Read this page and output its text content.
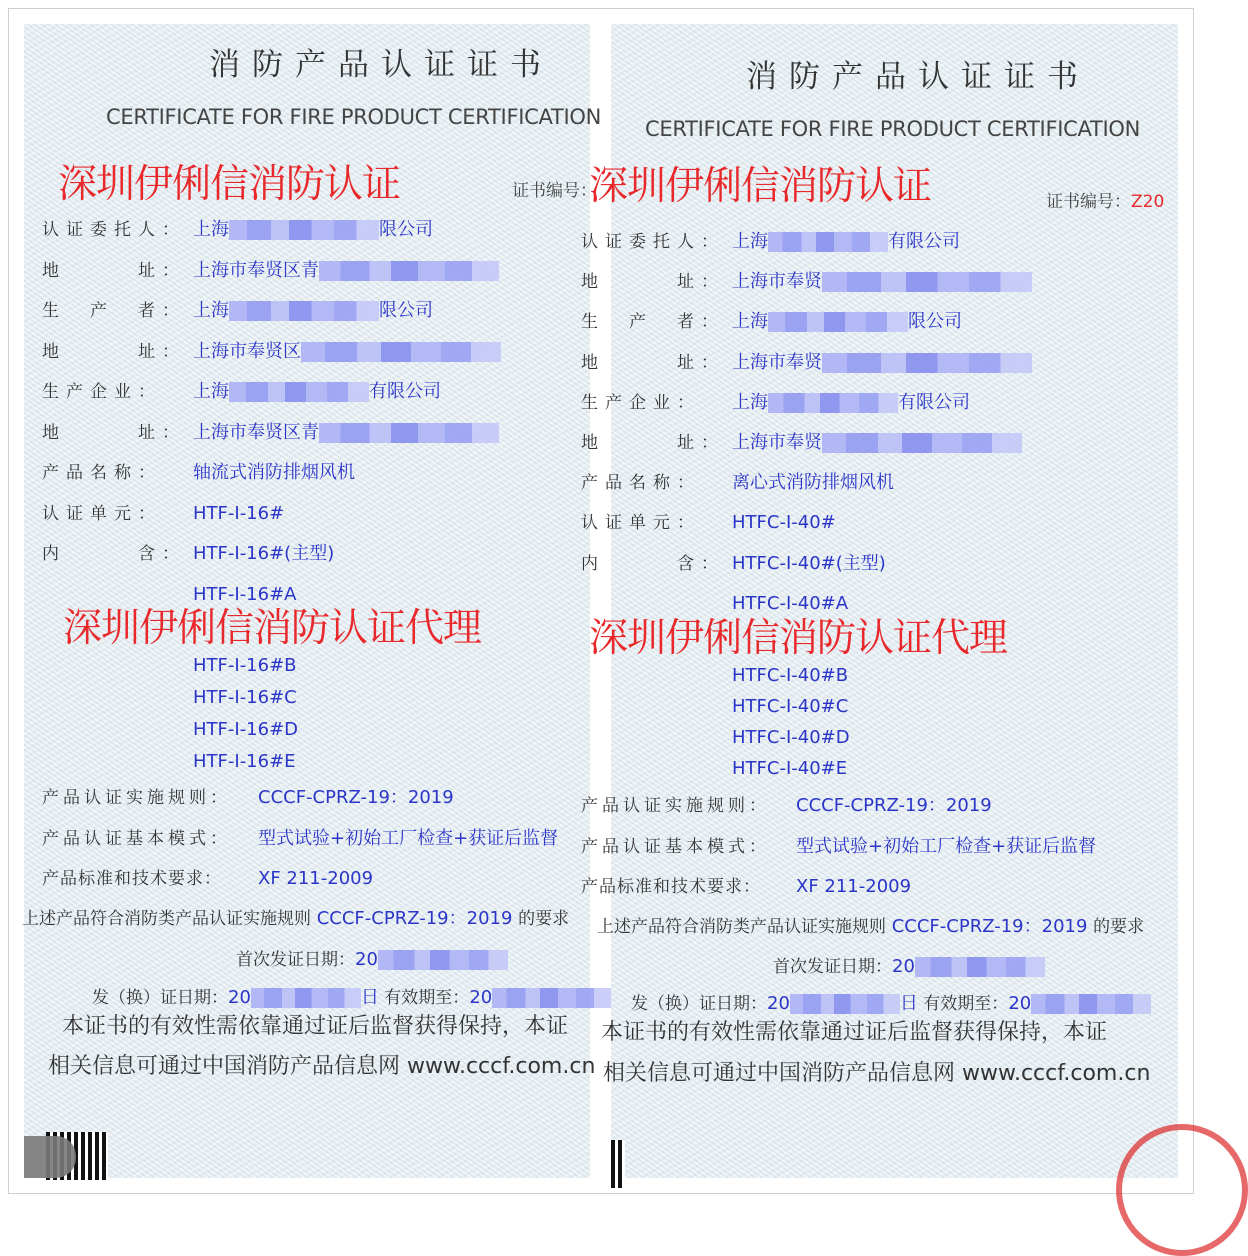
消防产品认证证书
CERTIFICATE FOR FIRE PRODUCT CERTIFICATION
深圳伊俐信消防认证	证书编号：
认证委托人： 上海	限公司
地　　　址： 上海市奉贤区青
生　产　者： 上海	限公司
地　　　址： 上海市奉贤区
生产企业： 上海	有限公司
地　　　址： 上海市奉贤区青
产品名称： 轴流式消防排烟风机
认证单元： HTF-I-16#
内　　　含： HTF-I-16#(主型)
HTF-I-16#A
HTF-I-16#B
HTF-I-16#C
HTF-I-16#D
HTF-I-16#E
深圳伊俐信消防认证代理
产品认证实施规则： CCCF-CPRZ-19：2019
产品认证基本模式： 型式试验+初始工厂检查+获证后监督
产品标准和技术要求： XF 211-2009
上述产品符合消防类产品认证实施规则 CCCF-CPRZ-19：2019 的要求
首次发证日期：20
发（换）证日期：20	日 有效期至：20
本证书的有效性需依靠通过证后监督获得保持，本证
相关信息可通过中国消防产品信息网 www.cccf.com.cn
消防产品认证证书
CERTIFICATE FOR FIRE PRODUCT CERTIFICATION
深圳伊俐信消防认证	证书编号：Z20
认证委托人： 上海	有限公司
地　　　址： 上海市奉贤
生　产　者： 上海	限公司
地　　　址： 上海市奉贤
生产企业： 上海	有限公司
地　　　址： 上海市奉贤
产品名称： 离心式消防排烟风机
认证单元： HTFC-I-40#
内　　　含： HTFC-I-40#(主型)
HTFC-I-40#A
HTFC-I-40#B
HTFC-I-40#C
HTFC-I-40#D
HTFC-I-40#E
深圳伊俐信消防认证代理
产品认证实施规则： CCCF-CPRZ-19：2019
产品认证基本模式： 型式试验+初始工厂检查+获证后监督
产品标准和技术要求： XF 211-2009
上述产品符合消防类产品认证实施规则 CCCF-CPRZ-19：2019 的要求
首次发证日期：20
发（换）证日期：20	日 有效期至：20
本证书的有效性需依靠通过证后监督获得保持，本证
相关信息可通过中国消防产品信息网 www.cccf.com.cn
